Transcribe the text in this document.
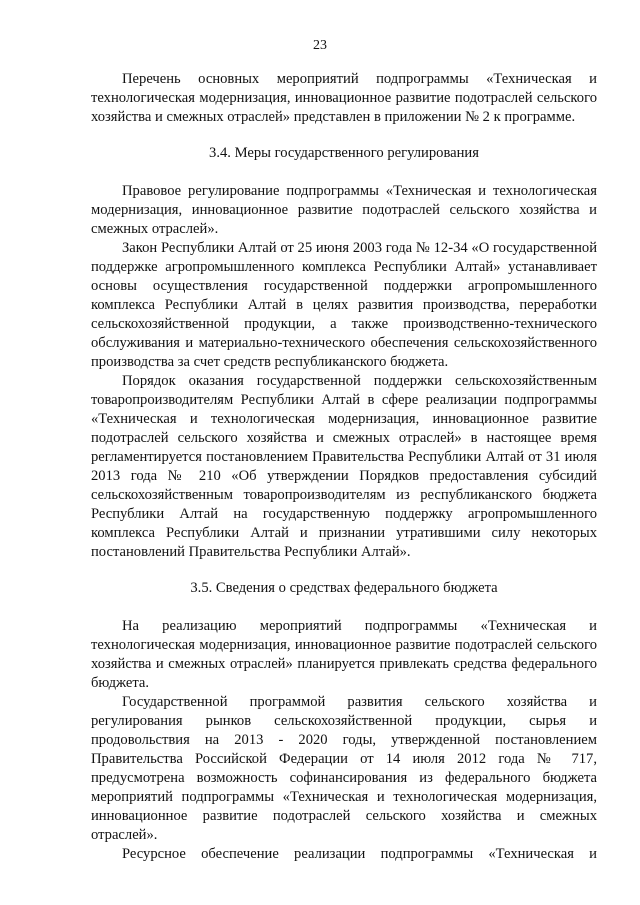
23

Перечень основных мероприятий подпрограммы «Техническая и технологическая модернизация, инновационное развитие подотраслей сельского хозяйства и смежных отраслей» представлен в приложении № 2 к программе.

3.4. Меры государственного регулирования

Правовое регулирование подпрограммы «Техническая и технологическая модернизация, инновационное развитие подотраслей сельского хозяйства и смежных отраслей».

Закон Республики Алтай от 25 июня 2003 года № 12-34 «О государственной поддержке агропромышленного комплекса Республики Алтай» устанавливает основы осуществления государственной поддержки агропромышленного комплекса Республики Алтай в целях развития производства, переработки сельскохозяйственной продукции, а также производственно-технического обслуживания и материально-технического обеспечения сельскохозяйственного производства за счет средств республиканского бюджета.

Порядок оказания государственной поддержки сельскохозяйственным товаропроизводителям Республики Алтай в сфере реализации подпрограммы «Техническая и технологическая модернизация, инновационное развитие подотраслей сельского хозяйства и смежных отраслей» в настоящее время регламентируется постановлением Правительства Республики Алтай от 31 июля 2013 года № 210 «Об утверждении Порядков предоставления субсидий сельскохозяйственным товаропроизводителям из республиканского бюджета Республики Алтай на государственную поддержку агропромышленного комплекса Республики Алтай и признании утратившими силу некоторых постановлений Правительства Республики Алтай».

3.5. Сведения о средствах федерального бюджета

На реализацию мероприятий подпрограммы «Техническая и технологическая модернизация, инновационное развитие подотраслей сельского хозяйства и смежных отраслей» планируется привлекать средства федерального бюджета.

Государственной программой развития сельского хозяйства и регулирования рынков сельскохозяйственной продукции, сырья и продовольствия на 2013 - 2020 годы, утвержденной постановлением Правительства Российской Федерации от 14 июля 2012 года № 717, предусмотрена возможность софинансирования из федерального бюджета мероприятий подпрограммы «Техническая и технологическая модернизация, инновационное развитие подотраслей сельского хозяйства и смежных отраслей».

Ресурсное обеспечение реализации подпрограммы «Техническая и
